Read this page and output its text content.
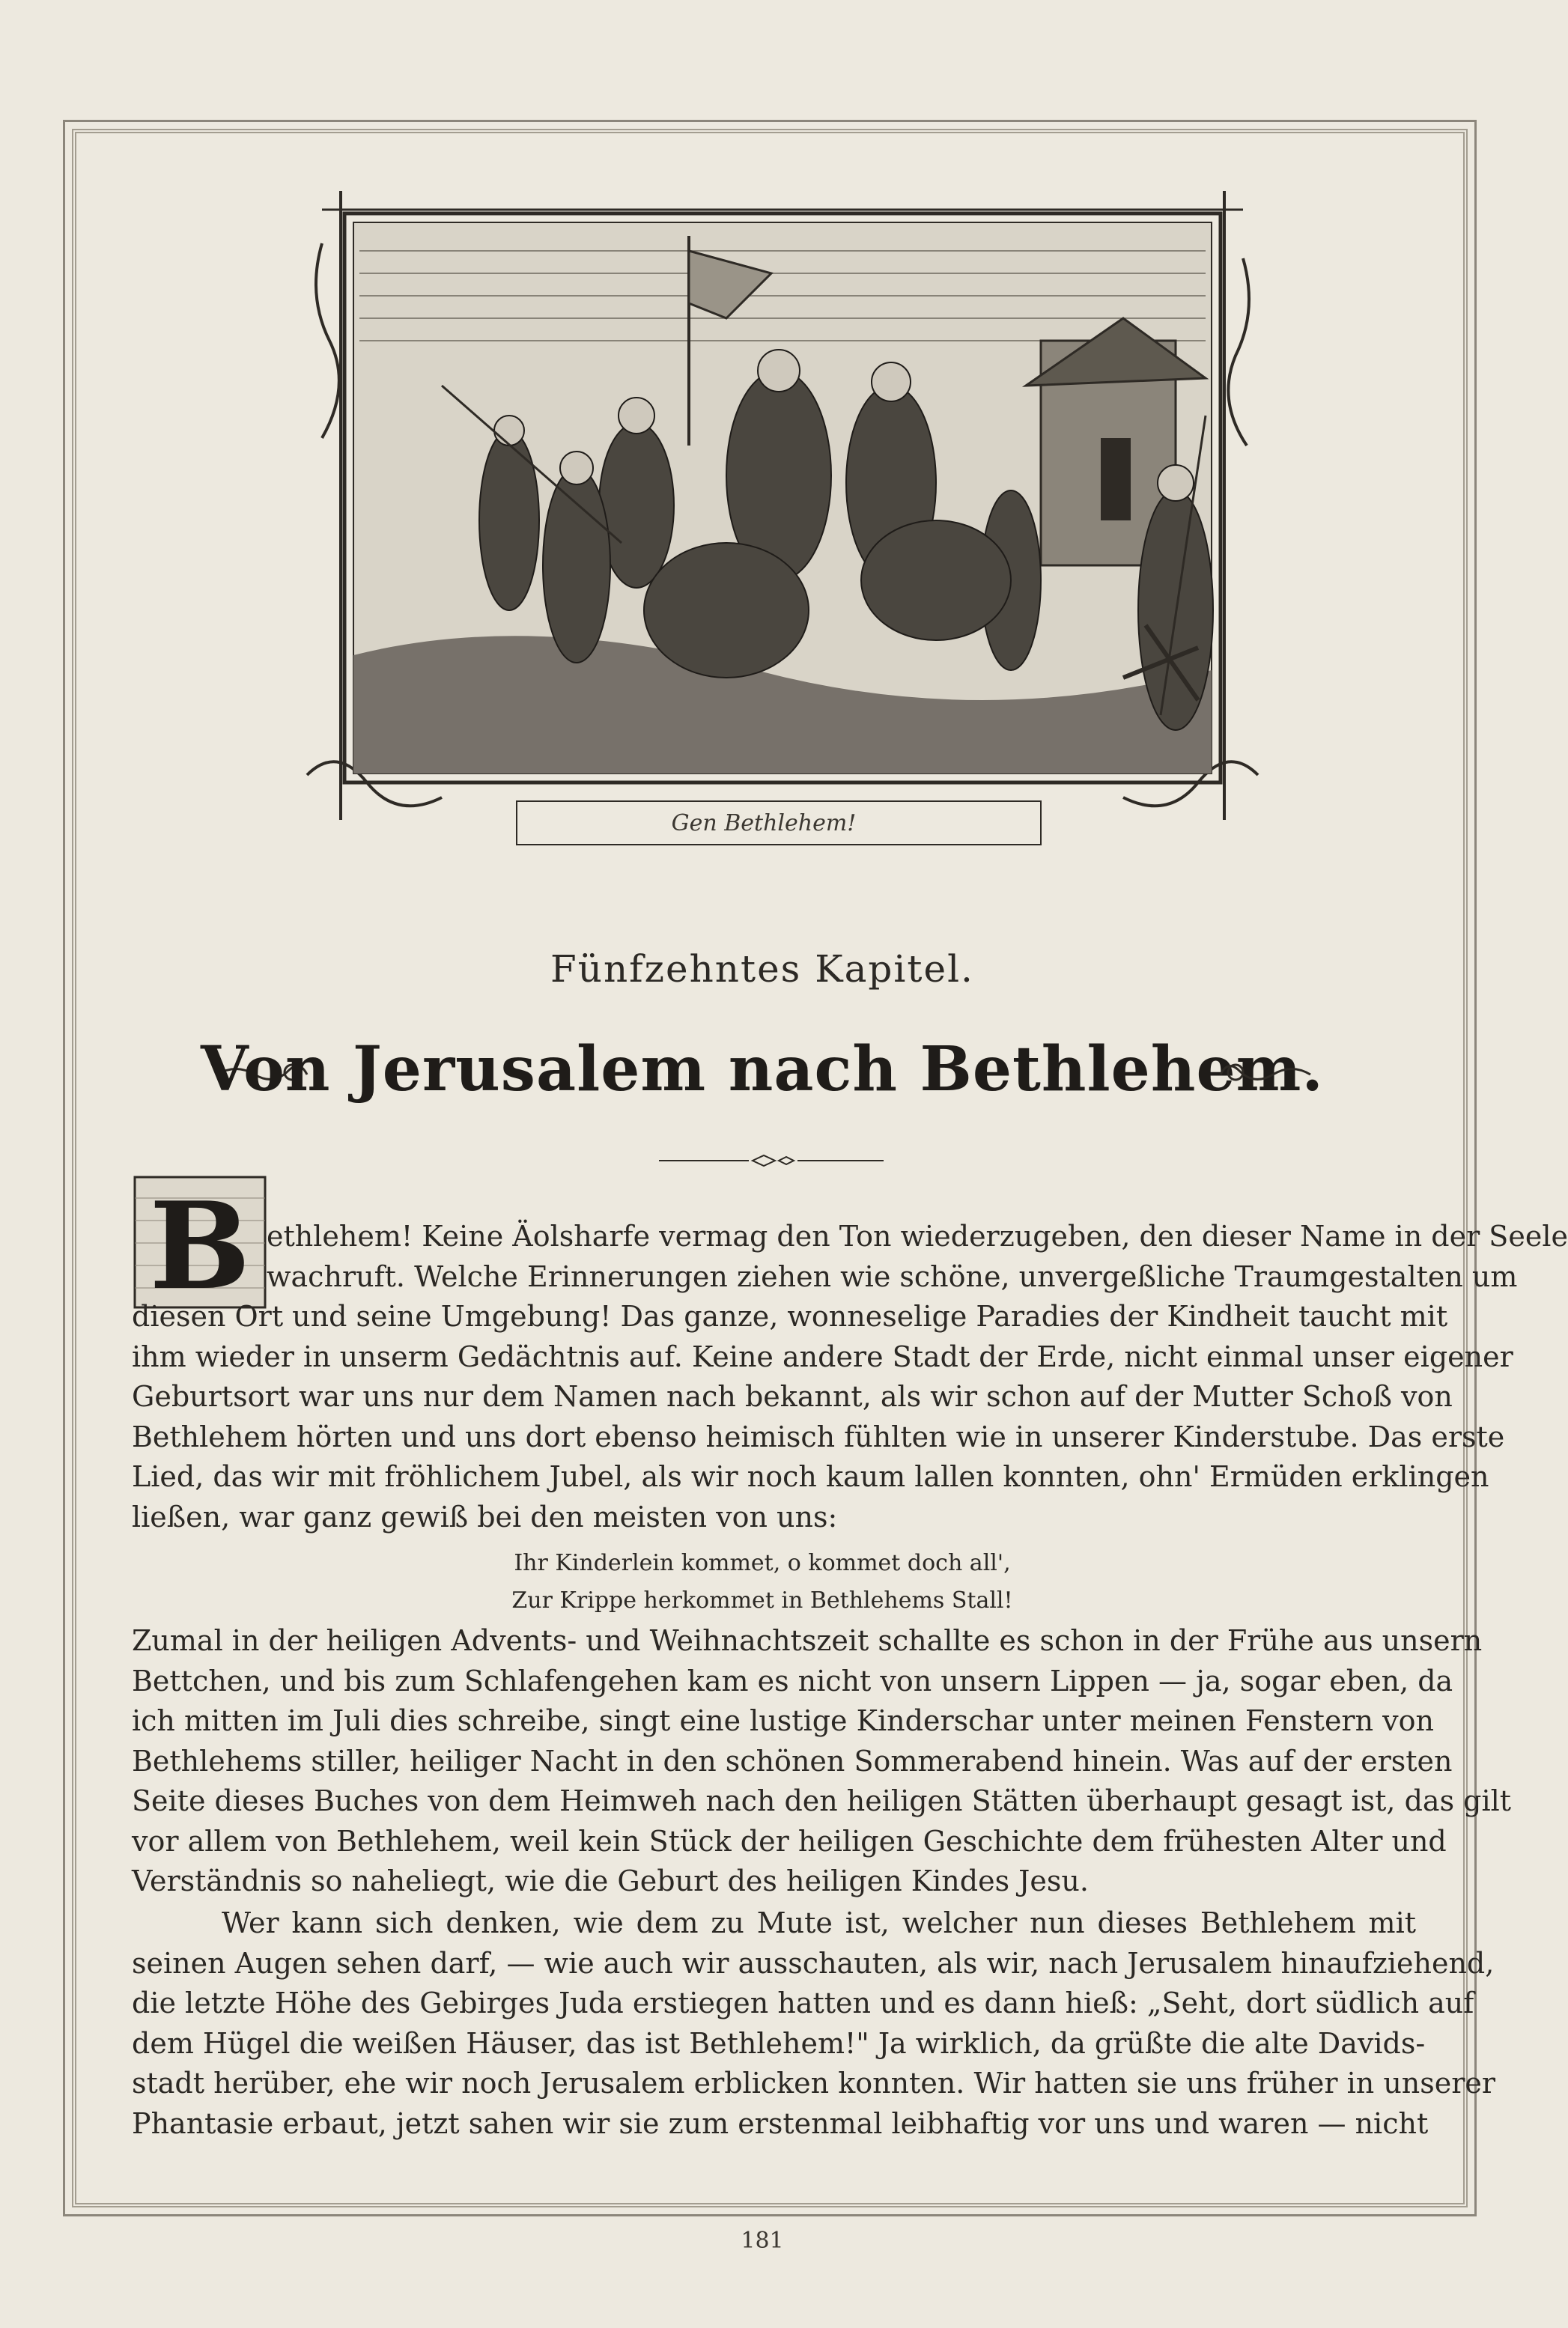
Gen Bethlehem!
Fünfzehntes Kapitel.
Von Jerusalem nach Bethlehem.
B ethlehem! Keine Äolsharfe vermag den Ton wiederzugeben, den dieser Name in der Seele
wachruft. Welche Erinnerungen ziehen wie schöne, unvergeßliche Traumgestalten um
diesen Ort und seine Umgebung! Das ganze, wonneselige Paradies der Kindheit taucht mit
ihm wieder in unserm Gedächtnis auf. Keine andere Stadt der Erde, nicht einmal unser eigener
Geburtsort war uns nur dem Namen nach bekannt, als wir schon auf der Mutter Schoß von
Bethlehem hörten und uns dort ebenso heimisch fühlten wie in unserer Kinderstube. Das erste
Lied, das wir mit fröhlichem Jubel, als wir noch kaum lallen konnten, ohn' Ermüden erklingen
ließen, war ganz gewiß bei den meisten von uns:
Ihr Kinderlein kommet, o kommet doch all',
Zur Krippe herkommet in Bethlehems Stall!
Zumal in der heiligen Advents- und Weihnachtszeit schallte es schon in der Frühe aus unsern
Bettchen, und bis zum Schlafengehen kam es nicht von unsern Lippen — ja, sogar eben, da
ich mitten im Juli dies schreibe, singt eine lustige Kinderschar unter meinen Fenstern von
Bethlehems stiller, heiliger Nacht in den schönen Sommerabend hinein. Was auf der ersten
Seite dieses Buches von dem Heimweh nach den heiligen Stätten überhaupt gesagt ist, das gilt
vor allem von Bethlehem, weil kein Stück der heiligen Geschichte dem frühesten Alter und
Verständnis so naheliegt, wie die Geburt des heiligen Kindes Jesu.
Wer kann sich denken, wie dem zu Mute ist, welcher nun dieses Bethlehem mit
seinen Augen sehen darf, — wie auch wir ausschauten, als wir, nach Jerusalem hinaufziehend,
die letzte Höhe des Gebirges Juda erstiegen hatten und es dann hieß: „Seht, dort südlich auf
dem Hügel die weißen Häuser, das ist Bethlehem!" Ja wirklich, da grüßte die alte Davids-
stadt herüber, ehe wir noch Jerusalem erblicken konnten. Wir hatten sie uns früher in unserer
Phantasie erbaut, jetzt sahen wir sie zum erstenmal leibhaftig vor uns und waren — nicht
181
